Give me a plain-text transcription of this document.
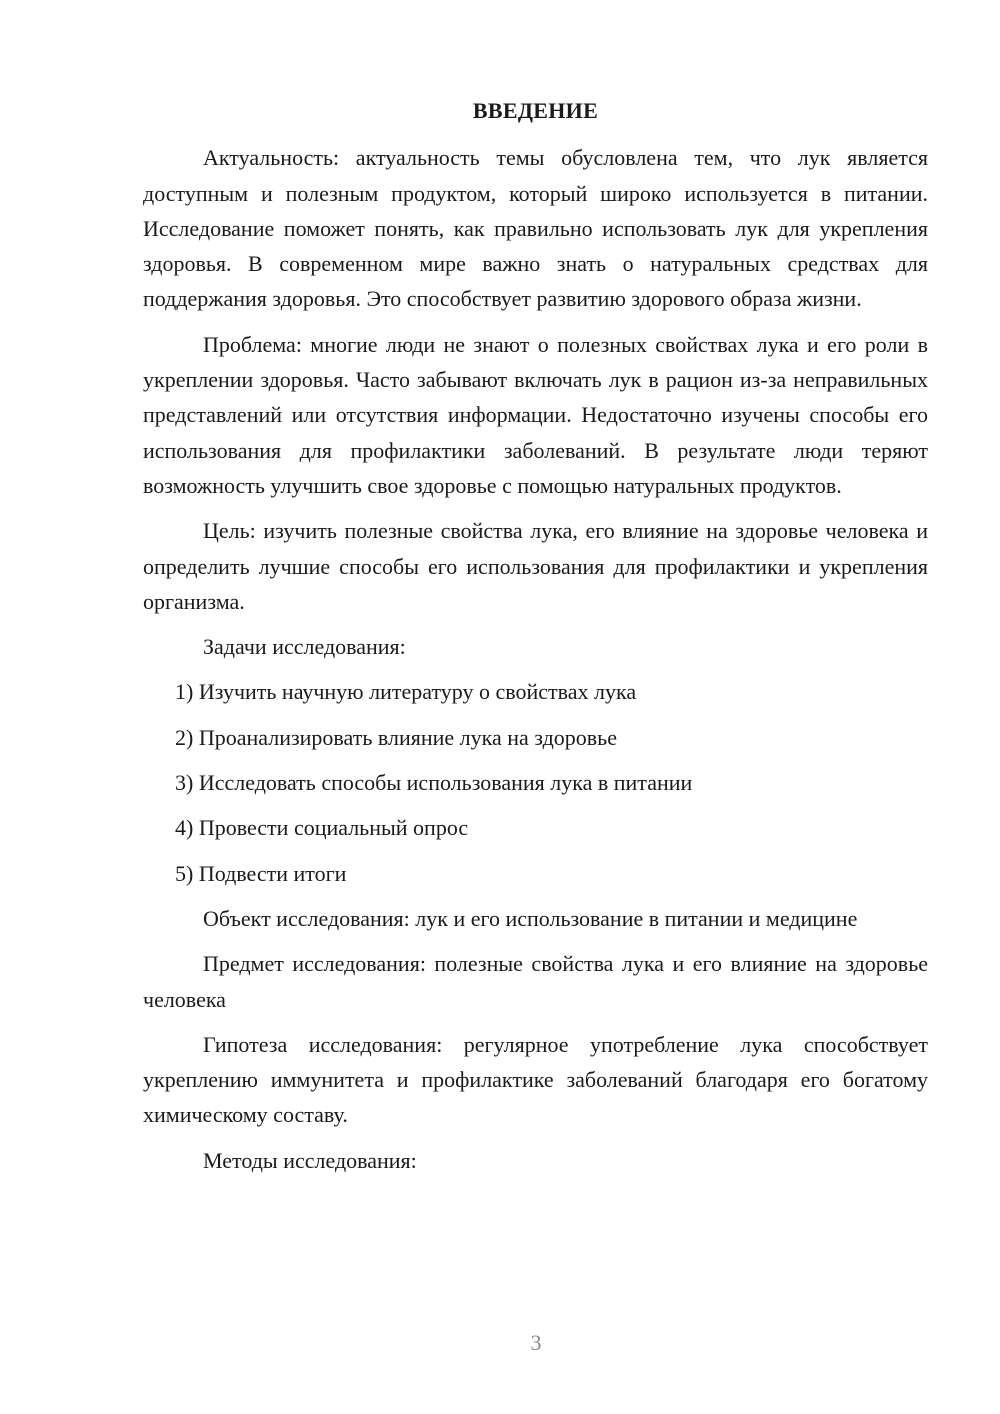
ВВЕДЕНИЕ

Актуальность: актуальность темы обусловлена тем, что лук является доступным и полезным продуктом, который широко используется в питании. Исследование поможет понять, как правильно использовать лук для укрепления здоровья. В современном мире важно знать о натуральных средствах для поддержания здоровья. Это способствует развитию здорового образа жизни.

Проблема: многие люди не знают о полезных свойствах лука и его роли в укреплении здоровья. Часто забывают включать лук в рацион из-за неправильных представлений или отсутствия информации. Недостаточно изучены способы его использования для профилактики заболеваний. В результате люди теряют возможность улучшить свое здоровье с помощью натуральных продуктов.

Цель: изучить полезные свойства лука, его влияние на здоровье человека и определить лучшие способы его использования для профилактики и укрепления организма.

Задачи исследования:

1) Изучить научную литературу о свойствах лука
2) Проанализировать влияние лука на здоровье
3) Исследовать способы использования лука в питании
4) Провести социальный опрос
5) Подвести итоги

Объект исследования: лук и его использование в питании и медицине

Предмет исследования: полезные свойства лука и его влияние на здоровье человека

Гипотеза исследования: регулярное употребление лука способствует укреплению иммунитета и профилактике заболеваний благодаря его богатому химическому составу.

Методы исследования:

3
